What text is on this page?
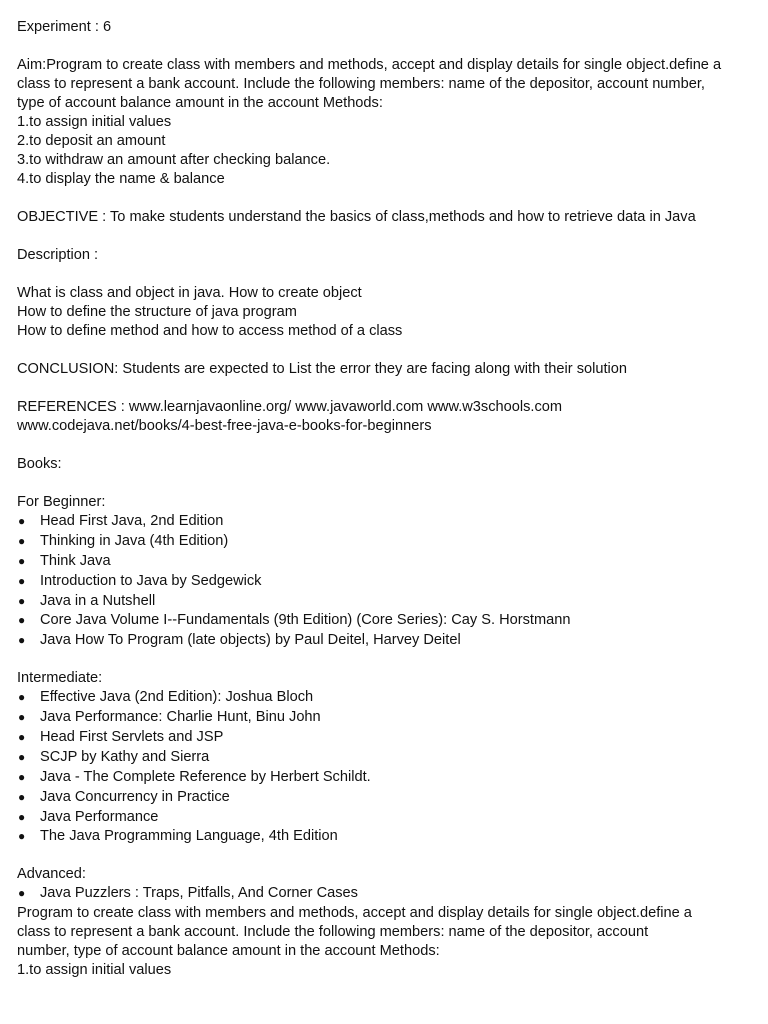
Experiment : 6
Aim:Program to create class with members and methods, accept and display details for single object.define a
class to represent a bank account. Include the following members: name of the depositor, account number,
type of account balance amount in the account Methods:
1.to assign initial values
2.to deposit an amount
3.to withdraw an amount after checking balance.
4.to display the name & balance
OBJECTIVE : To make students understand the basics of class,methods and how to retrieve data in Java
Description :
What is class and object in java. How to create object
How to define the structure of java program
How to define method and how to access method of a class
CONCLUSION: Students are expected to List the error they are facing along with their solution
REFERENCES : www.learnjavaonline.org/ www.javaworld.com www.w3schools.com
www.codejava.net/books/4-best-free-java-e-books-for-beginners
Books:
For Beginner:
● Head First Java, 2nd Edition
● Thinking in Java (4th Edition)
● Think Java
● Introduction to Java by Sedgewick
● Java in a Nutshell
● Core Java Volume I--Fundamentals (9th Edition) (Core Series): Cay S. Horstmann
● Java How To Program (late objects) by Paul Deitel, Harvey Deitel
Intermediate:
● Effective Java (2nd Edition): Joshua Bloch
● Java Performance: Charlie Hunt, Binu John
● Head First Servlets and JSP
● SCJP by Kathy and Sierra
● Java - The Complete Reference by Herbert Schildt.
● Java Concurrency in Practice
● Java Performance
● The Java Programming Language, 4th Edition
Advanced:
● Java Puzzlers : Traps, Pitfalls, And Corner Cases
Program to create class with members and methods, accept and display details for single object.define a
class to represent a bank account. Include the following members: name of the depositor, account
number, type of account balance amount in the account Methods:
1.to assign initial values
